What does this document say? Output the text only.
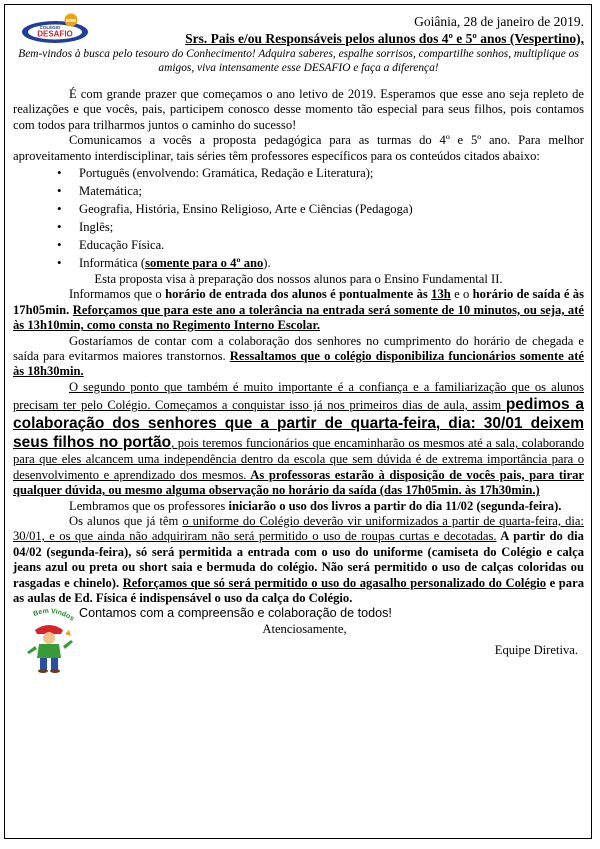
COLÉGIO
DESAFIO
Goiânia, 28 de janeiro de 2019.
Srs. Pais e/ou Responsáveis pelos alunos dos 4º e 5º anos (Vespertino),
Bem-vindos à busca pelo tesouro do Conhecimento! Adquira saberes, espalhe sorrisos, compartilhe sonhos, multiplique os amigos, viva intensamente esse DESAFIO e faça a diferença!

É com grande prazer que começamos o ano letivo de 2019. Esperamos que esse ano seja repleto de realizações e que vocês, pais, participem conosco desse momento tão especial para seus filhos, pois contamos com todos para trilharmos juntos o caminho do sucesso!

Comunicamos a vocês a proposta pedagógica para as turmas do 4º e 5º ano. Para melhor aproveitamento interdisciplinar, tais séries têm professores específicos para os conteúdos citados abaixo:

• Português (envolvendo: Gramática, Redação e Literatura);
• Matemática;
• Geografia, História, Ensino Religioso, Arte e Ciências (Pedagoga)
• Inglês;
• Educação Física.
• Informática (somente para o 4º ano).

Esta proposta visa à preparação dos nossos alunos para o Ensino Fundamental II.

Informamos que o horário de entrada dos alunos é pontualmente às 13h e o horário de saída é às 17h05min. Reforçamos que para este ano a tolerância na entrada será somente de 10 minutos, ou seja, até às 13h10min, como consta no Regimento Interno Escolar.

Gostaríamos de contar com a colaboração dos senhores no cumprimento do horário de chegada e saída para evitarmos maiores transtornos. Ressaltamos que o colégio disponibiliza funcionários somente até às 18h30min.

O segundo ponto que também é muito importante é a confiança e a familiarização que os alunos precisam ter pelo Colégio. Começamos a conquistar isso já nos primeiros dias de aula, assim pedimos a colaboração dos senhores que a partir de quarta-feira, dia: 30/01 deixem seus filhos no portão, pois teremos funcionários que encaminharão os mesmos até a sala, colaborando para que eles alcancem uma independência dentro da escola que sem dúvida é de extrema importância para o desenvolvimento e aprendizado dos mesmos. As professoras estarão à disposição de vocês pais, para tirar qualquer dúvida, ou mesmo alguma observação no horário da saída (das 17h05min. às 17h30min.)

Lembramos que os professores iniciarão o uso dos livros a partir do dia 11/02 (segunda-feira).

Os alunos que já têm o uniforme do Colégio deverão vir uniformizados a partir de quarta-feira, dia: 30/01, e os que ainda não adquiriram não será permitido o uso de roupas curtas e decotadas. A partir do dia 04/02 (segunda-feira), só será permitida a entrada com o uso do uniforme (camiseta do Colégio e calça jeans azul ou preta ou short saia e bermuda do colégio. Não será permitido o uso de calças coloridas ou rasgadas e chinelo). Reforçamos que só será permitido o uso do agasalho personalizado do Colégio e para as aulas de Ed. Física é indispensável o uso da calça do Colégio.

Bem Vindos Contamos com a compreensão e colaboração de todos!

Atenciosamente,
Equipe Diretiva.
